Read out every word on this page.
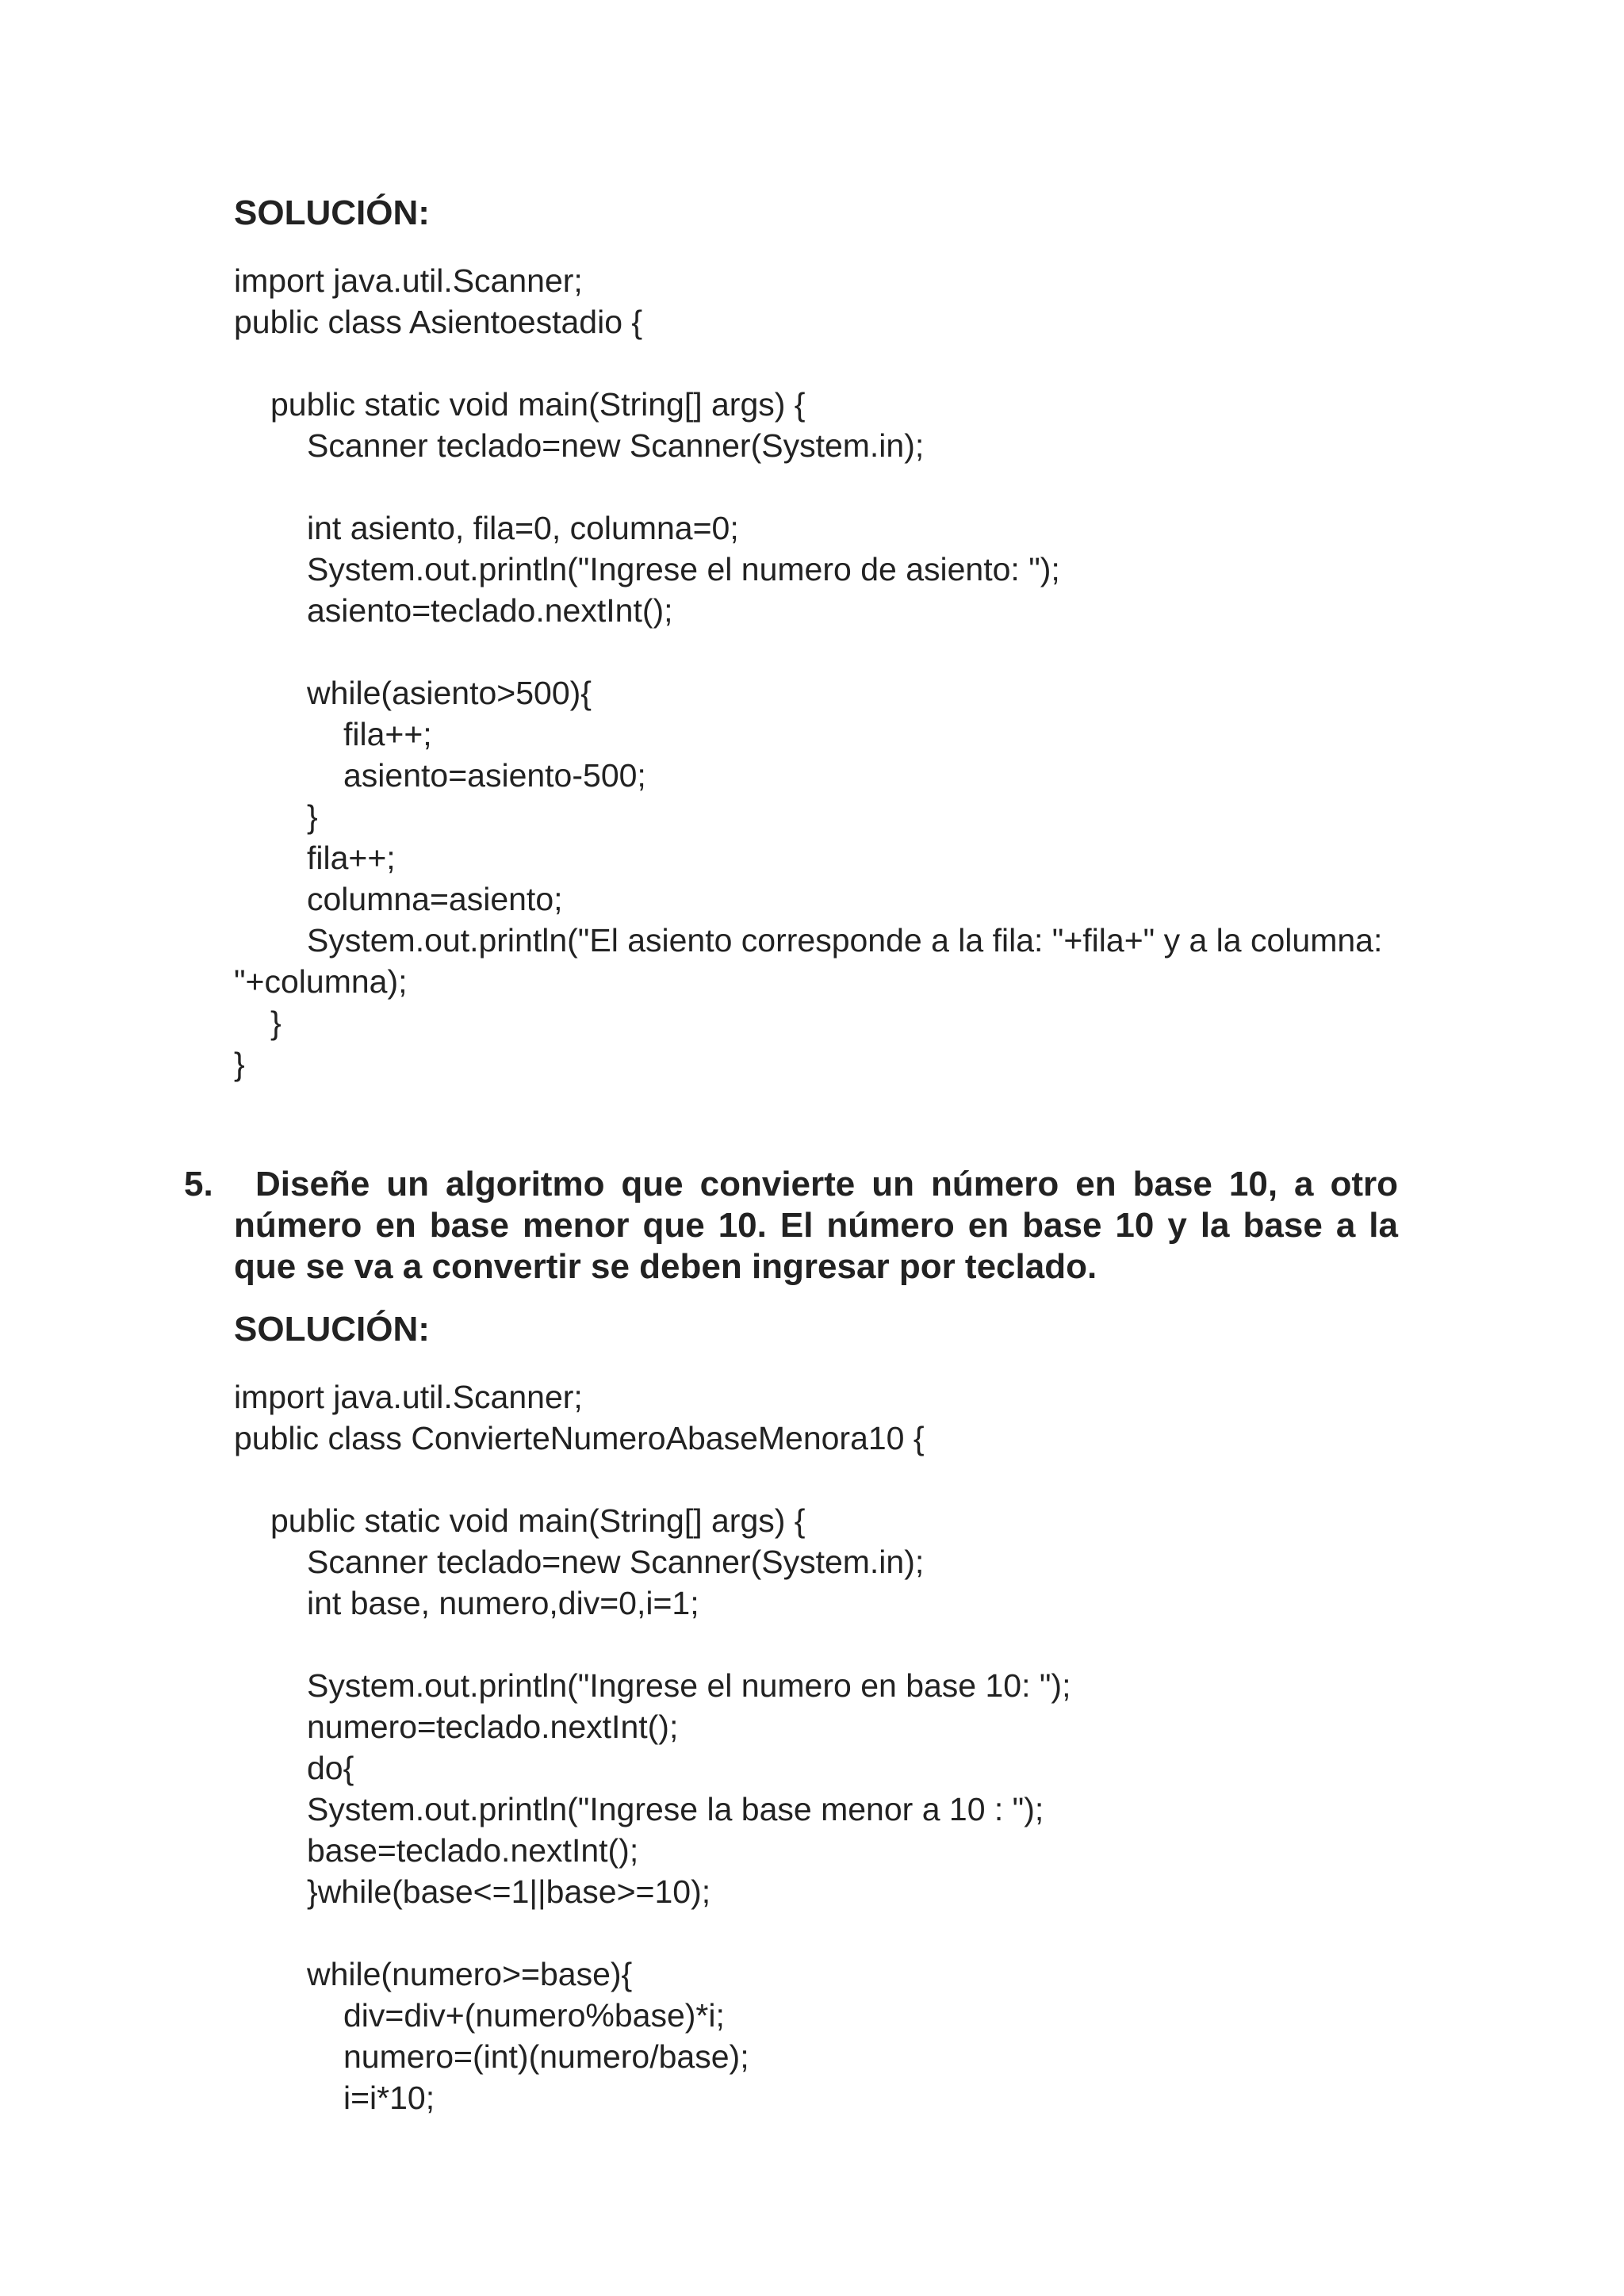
SOLUCIÓN:
import java.util.Scanner;
public class Asientoestadio {
public static void main(String[] args) {
Scanner teclado=new Scanner(System.in);
int asiento, fila=0, columna=0;
System.out.println("Ingrese el numero de asiento: ");
asiento=teclado.nextInt();
while(asiento>500){
fila++;
asiento=asiento-500;
}
fila++;
columna=asiento;
System.out.println("El asiento corresponde a la fila: "+fila+" y a la columna:
"+columna);
}
}
5. Diseñe un algoritmo que convierte un número en base 10, a otro
número en base menor que 10. El número en base 10 y la base a la
que se va a convertir se deben ingresar por teclado.
SOLUCIÓN:
import java.util.Scanner;
public class ConvierteNumeroAbaseMenora10 {
public static void main(String[] args) {
Scanner teclado=new Scanner(System.in);
int base, numero,div=0,i=1;
System.out.println("Ingrese el numero en base 10: ");
numero=teclado.nextInt();
do{
System.out.println("Ingrese la base menor a 10 : ");
base=teclado.nextInt();
}while(base<=1||base>=10);
while(numero>=base){
div=div+(numero%base)*i;
numero=(int)(numero/base);
i=i*10;
